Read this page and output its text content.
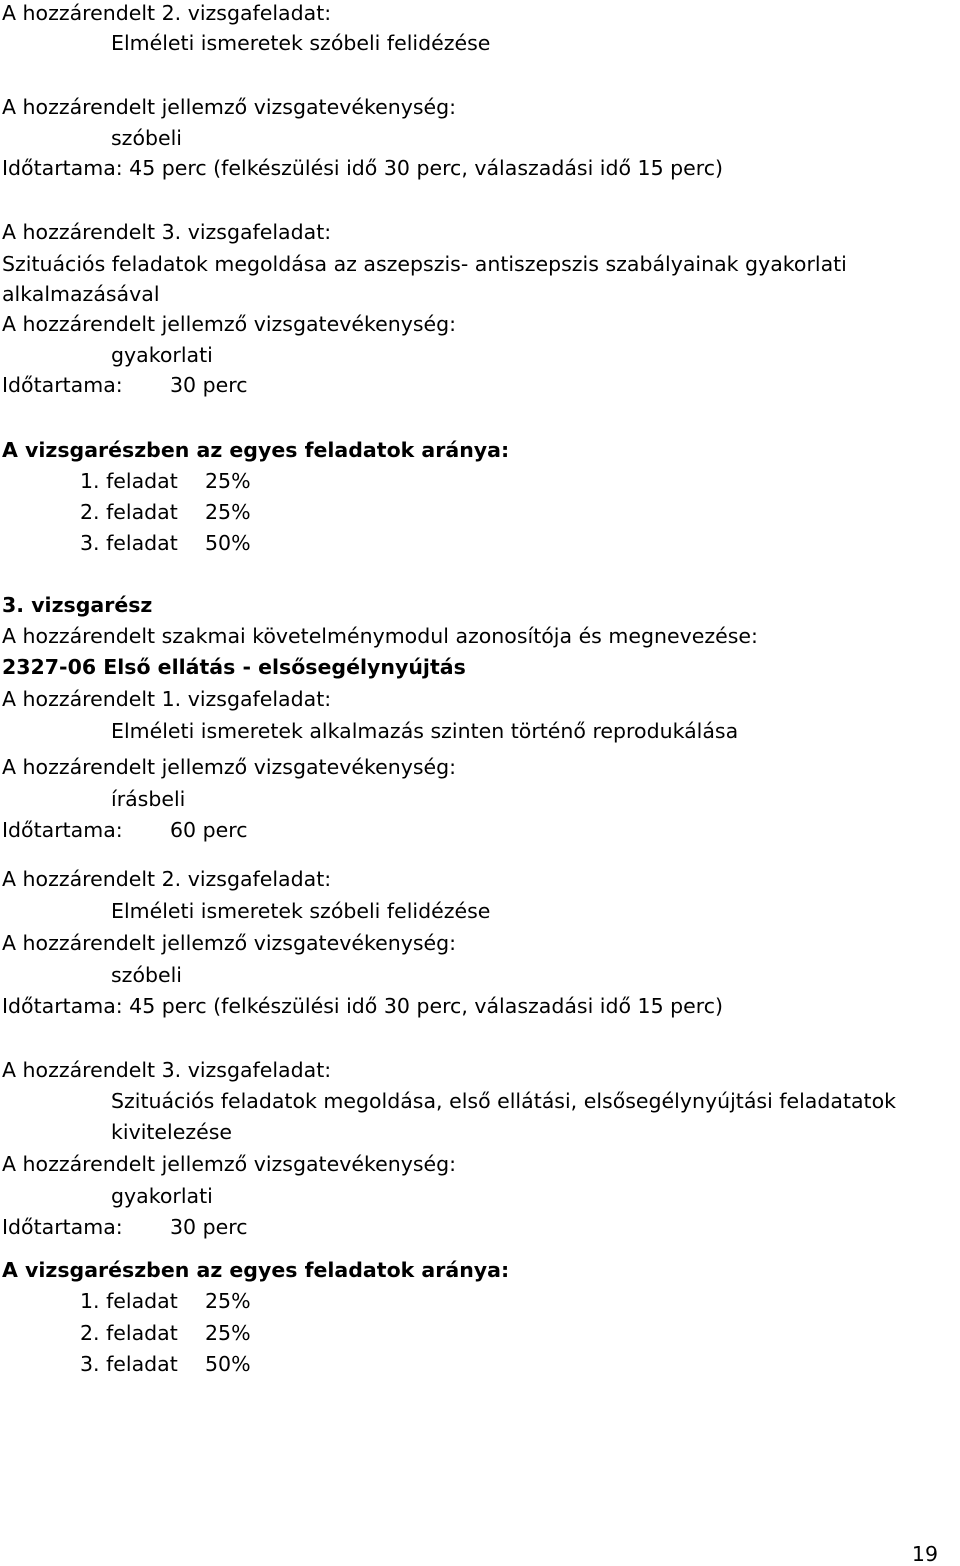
A hozzárendelt 2. vizsgafeladat:
Elméleti ismeretek szóbeli felidézése
A hozzárendelt jellemző vizsgatevékenység:
szóbeli
Időtartama: 45 perc (felkészülési idő 30 perc, válaszadási idő 15 perc)
A hozzárendelt 3. vizsgafeladat:
Szituációs feladatok megoldása az aszepszis- antiszepszis szabályainak gyakorlati
alkalmazásával
A hozzárendelt jellemző vizsgatevékenység:
gyakorlati
Időtartama: 30 perc
A vizsgarészben az egyes feladatok aránya:
1. feladat 25%
2. feladat 25%
3. feladat 50%
3. vizsgarész
A hozzárendelt szakmai követelménymodul azonosítója és megnevezése:
2327-06 Első ellátás - elsősegélynyújtás
A hozzárendelt 1. vizsgafeladat:
Elméleti ismeretek alkalmazás szinten történő reprodukálása
A hozzárendelt jellemző vizsgatevékenység:
írásbeli
Időtartama: 60 perc
A hozzárendelt 2. vizsgafeladat:
Elméleti ismeretek szóbeli felidézése
A hozzárendelt jellemző vizsgatevékenység:
szóbeli
Időtartama: 45 perc (felkészülési idő 30 perc, válaszadási idő 15 perc)
A hozzárendelt 3. vizsgafeladat:
Szituációs feladatok megoldása, első ellátási, elsősegélynyújtási feladatatok
kivitelezése
A hozzárendelt jellemző vizsgatevékenység:
gyakorlati
Időtartama: 30 perc
A vizsgarészben az egyes feladatok aránya:
1. feladat 25%
2. feladat 25%
3. feladat 50%
19
